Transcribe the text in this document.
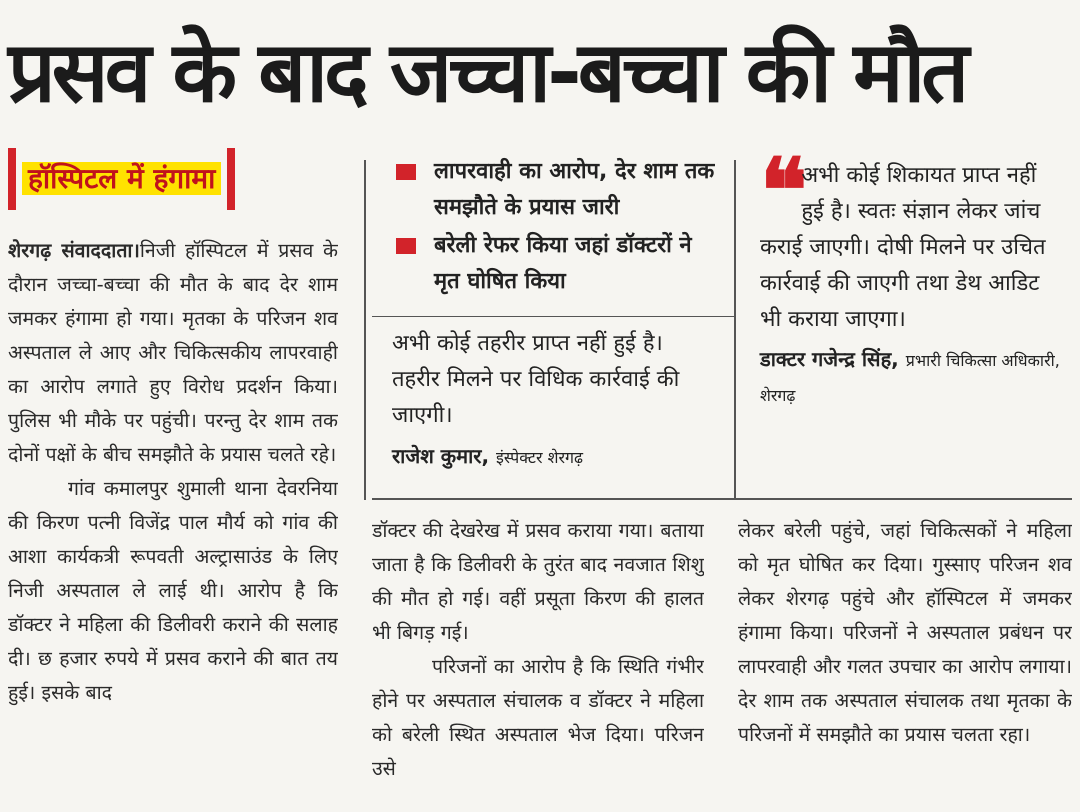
प्रसव के बाद जच्चा-बच्चा की मौत
हॉस्पिटल में हंगामा

शेरगढ़ संवाददाता।निजी हॉस्पिटल में प्रसव के दौरान जच्चा-बच्चा की मौत के बाद देर शाम जमकर हंगामा हो गया। मृतका के परिजन शव अस्पताल ले आए और चिकित्सकीय लापरवाही का आरोप लगाते हुए विरोध प्रदर्शन किया। पुलिस भी मौके पर पहुंची। परन्तु देर शाम तक दोनों पक्षों के बीच समझौते के प्रयास चलते रहे।

गांव कमालपुर शुमाली थाना देवरनिया की किरण पत्नी विजेंद्र पाल मौर्य को गांव की आशा कार्यकत्री रूपवती अल्ट्रासाउंड के लिए निजी अस्पताल ले लाई थी। आरोप है कि डॉक्टर ने महिला की डिलीवरी कराने की सलाह दी। छ हजार रुपये में प्रसव कराने की बात तय हुई। इसके बाद

लापरवाही का आरोप, देर शाम तक समझौते के प्रयास जारी
बरेली रेफर किया जहां डॉक्टरों ने मृत घोषित किया
अभी कोई तहरीर प्राप्त नहीं हुई है। तहरीर मिलने पर विधिक कार्रवाई की जाएगी।
राजेश कुमार, इंस्पेक्टर शेरगढ़
❝ अभी कोई शिकायत प्राप्त नहीं हुई है। स्वतः संज्ञान लेकर जांच कराई जाएगी। दोषी मिलने पर उचित कार्रवाई की जाएगी तथा डेथ आडिट भी कराया जाएगा।
डाक्टर गजेन्द्र सिंह, प्रभारी चिकित्सा अधिकारी, शेरगढ़

डॉक्टर की देखरेख में प्रसव कराया गया। बताया जाता है कि डिलीवरी के तुरंत बाद नवजात शिशु की मौत हो गई। वहीं प्रसूता किरण की हालत भी बिगड़ गई।

परिजनों का आरोप है कि स्थिति गंभीर होने पर अस्पताल संचालक व डॉक्टर ने महिला को बरेली स्थित अस्पताल भेज दिया। परिजन उसे

लेकर बरेली पहुंचे, जहां चिकित्सकों ने महिला को मृत घोषित कर दिया। गुस्साए परिजन शव लेकर शेरगढ़ पहुंचे और हॉस्पिटल में जमकर हंगामा किया। परिजनों ने अस्पताल प्रबंधन पर लापरवाही और गलत उपचार का आरोप लगाया। देर शाम तक अस्पताल संचालक तथा मृतका के परिजनों में समझौते का प्रयास चलता रहा।
